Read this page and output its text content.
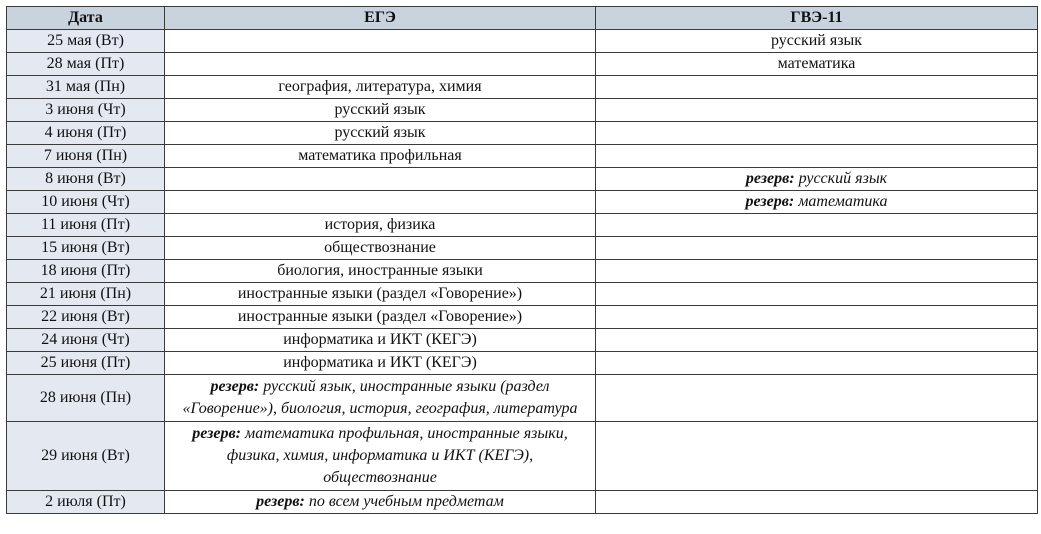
Дата	ЕГЭ	ГВЭ-11
25 мая (Вт)		русский язык
28 мая (Пт)		математика
31 мая (Пн)	география, литература, химия	
3 июня (Чт)	русский язык	
4 июня (Пт)	русский язык	
7 июня (Пн)	математика профильная	
8 июня (Вт)		резерв: русский язык
10 июня (Чт)		резерв: математика
11 июня (Пт)	история, физика	
15 июня (Вт)	обществознание	
18 июня (Пт)	биология, иностранные языки	
21 июня (Пн)	иностранные языки (раздел «Говорение»)	
22 июня (Вт)	иностранные языки (раздел «Говорение»)	
24 июня (Чт)	информатика и ИКТ (КЕГЭ)	
25 июня (Пт)	информатика и ИКТ (КЕГЭ)	
28 июня (Пн)	резерв: русский язык, иностранные языки (раздел «Говорение»), биология, история, география, литература	
29 июня (Вт)	резерв: математика профильная, иностранные языки, физика, химия, информатика и ИКТ (КЕГЭ), обществознание	
2 июля (Пт)	резерв: по всем учебным предметам	
